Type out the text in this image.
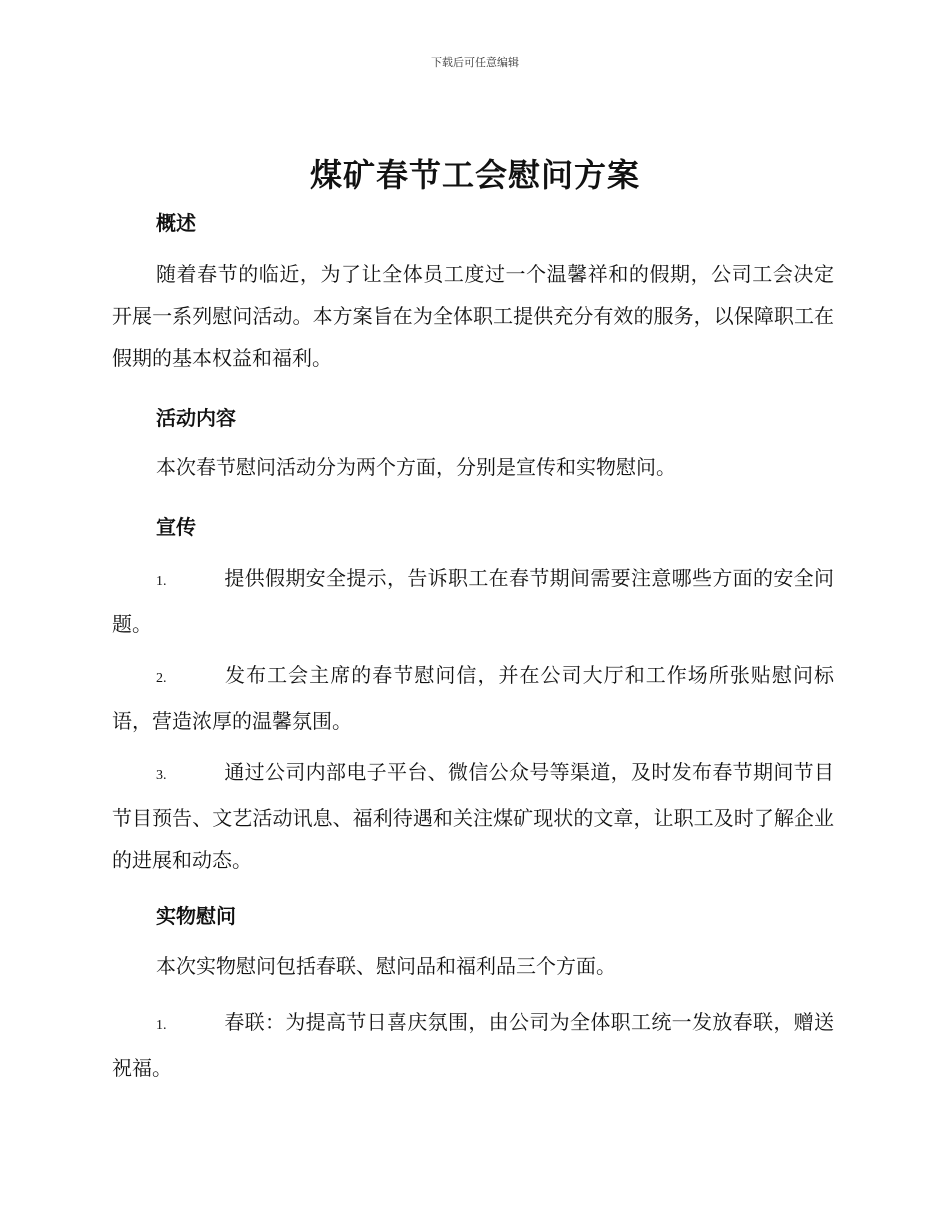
下载后可任意编辑
煤矿春节工会慰问方案
概述
随着春节的临近，为了让全体员工度过一个温馨祥和的假期，公司工会决定开展一系列慰问活动。本方案旨在为全体职工提供充分有效的服务，以保障职工在假期的基本权益和福利。
活动内容
本次春节慰问活动分为两个方面，分别是宣传和实物慰问。
宣传
1.	提供假期安全提示，告诉职工在春节期间需要注意哪些方面的安全问题。
2.	发布工会主席的春节慰问信，并在公司大厅和工作场所张贴慰问标语，营造浓厚的温馨氛围。
3.	通过公司内部电子平台、微信公众号等渠道，及时发布春节期间节目节目预告、文艺活动讯息、福利待遇和关注煤矿现状的文章，让职工及时了解企业的进展和动态。
实物慰问
本次实物慰问包括春联、慰问品和福利品三个方面。
1.	春联：为提高节日喜庆氛围，由公司为全体职工统一发放春联，赠送祝福。
